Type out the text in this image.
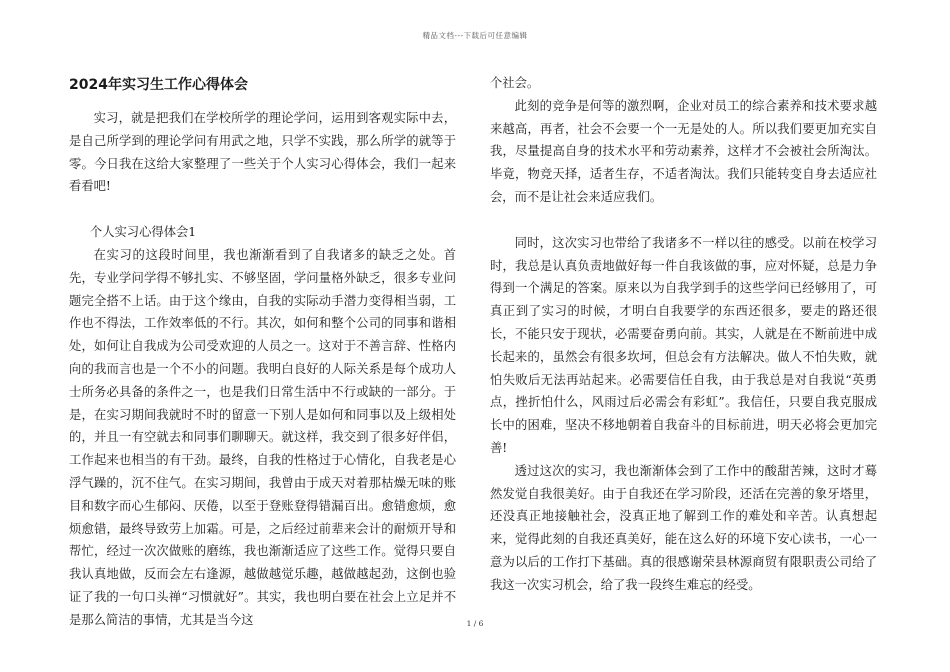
精品文档---下载后可任意编辑
2024年实习生工作心得体会

实习，就是把我们在学校所学的理论学问，运用到客观实际中去，是自己所学到的理论学问有用武之地，只学不实践，那么所学的就等于零。今日我在这给大家整理了一些关于个人实习心得体会，我们一起来看看吧!

个人实习心得体会1

在实习的这段时间里，我也渐渐看到了自我诸多的缺乏之处。首先，专业学问学得不够扎实、不够坚固，学问量格外缺乏，很多专业问题完全搭不上话。由于这个缘由，自我的实际动手潜力变得相当弱，工作也不得法，工作效率低的不行。其次，如何和整个公司的同事和谐相处，如何让自我成为公司受欢迎的人员之一。这对于不善言辞、性格内向的我而言也是一个不小的问题。我明白良好的人际关系是每个成功人士所务必具备的条件之一，也是我们日常生活中不行或缺的一部分。于是，在实习期间我就时不时的留意一下别人是如何和同事以及上级相处的，并且一有空就去和同事们聊聊天。就这样，我交到了很多好伴侣，工作起来也相当的有干劲。最终，自我的性格过于心情化，自我老是心浮气躁的，沉不住气。在实习期间，我曾由于成天对着那枯燥无味的账目和数字而心生郁闷、厌倦，以至于登账登得错漏百出。愈错愈烦，愈烦愈错，最终导致劳上加霜。可是，之后经过前辈来会计的耐烦开导和帮忙，经过一次次做账的磨练，我也渐渐适应了这些工作。觉得只要自我认真地做，反而会左右逢源，越做越觉乐趣，越做越起劲，这倒也验证了我的一句口头禅“习惯就好”。其实，我也明白要在社会上立足并不是那么简洁的事情，尤其是当今这

个社会。

此刻的竞争是何等的激烈啊，企业对员工的综合素养和技术要求越来越高，再者，社会不会要一个一无是处的人。所以我们要更加充实自我，尽量提高自身的技术水平和劳动素养，这样才不会被社会所淘汰。毕竟，物竞天择，适者生存，不适者淘汰。我们只能转变自身去适应社会，而不是让社会来适应我们。

同时，这次实习也带给了我诸多不一样以往的感受。以前在校学习时，我总是认真负责地做好每一件自我该做的事，应对怀疑，总是力争得到一个满足的答案。原来以为自我学到手的这些学问已经够用了，可真正到了实习的时候，才明白自我要学的东西还很多，要走的路还很长，不能只安于现状，必需要奋勇向前。其实，人就是在不断前进中成长起来的，虽然会有很多坎坷，但总会有方法解决。做人不怕失败，就怕失败后无法再站起来。必需要信任自我，由于我总是对自我说“英勇点，挫折怕什么，风雨过后必需会有彩虹”。我信任，只要自我克服成长中的困难，坚决不移地朝着自我奋斗的目标前进，明天必将会更加完善!

透过这次的实习，我也渐渐体会到了工作中的酸甜苦辣，这时才蓦然发觉自我很美好。由于自我还在学习阶段，还活在完善的象牙塔里，还没真正地接触社会，没真正地了解到工作的难处和辛苦。认真想起来，觉得此刻的自我还真美好，能在这么好的环境下安心读书，一心一意为以后的工作打下基础。真的很感谢荣县林源商贸有限职责公司给了我这一次实习机会，给了我一段终生难忘的经受。

1 / 6
